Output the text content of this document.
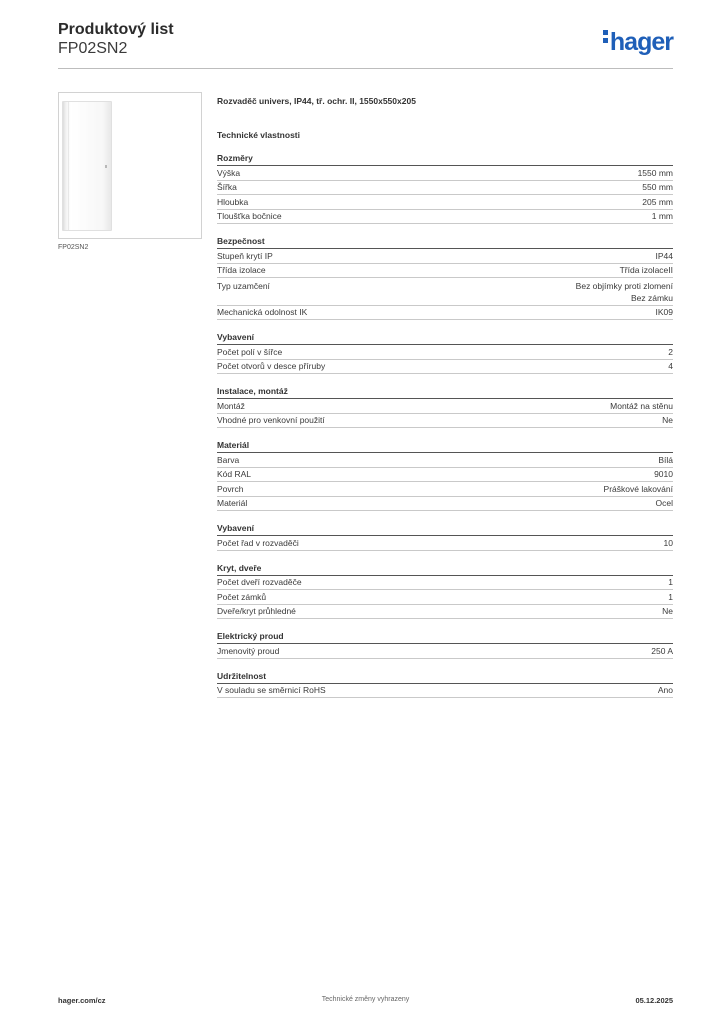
Produktový list
FP02SN2	hager
FP02SN2
Rozvaděč univers, IP44, tř. ochr. II, 1550x550x205
Technické vlastnosti
Rozměry
Výška	1550 mm
Šířka	550 mm
Hloubka	205 mm
Tloušťka bočnice	1 mm
Bezpečnost
Stupeň krytí IP	IP44
Třída izolace	Třída izolaceII
Typ uzamčení	Bez objímky proti zlomení
Bez zámku
Mechanická odolnost IK	IK09
Vybavení
Počet polí v šířce	2
Počet otvorů v desce příruby	4
Instalace, montáž
Montáž	Montáž na stěnu
Vhodné pro venkovní použití	Ne
Materiál
Barva	Bílá
Kód RAL	9010
Povrch	Práškové lakování
Materiál	Ocel
Vybavení
Počet řad v rozvaděči	10
Kryt, dveře
Počet dveří rozvaděče	1
Počet zámků	1
Dveře/kryt průhledné	Ne
Elektrický proud
Jmenovitý proud	250 A
Udržitelnost
V souladu se směrnicí RoHS	Ano
hager.com/cz	Technické změny vyhrazeny	05.12.2025
